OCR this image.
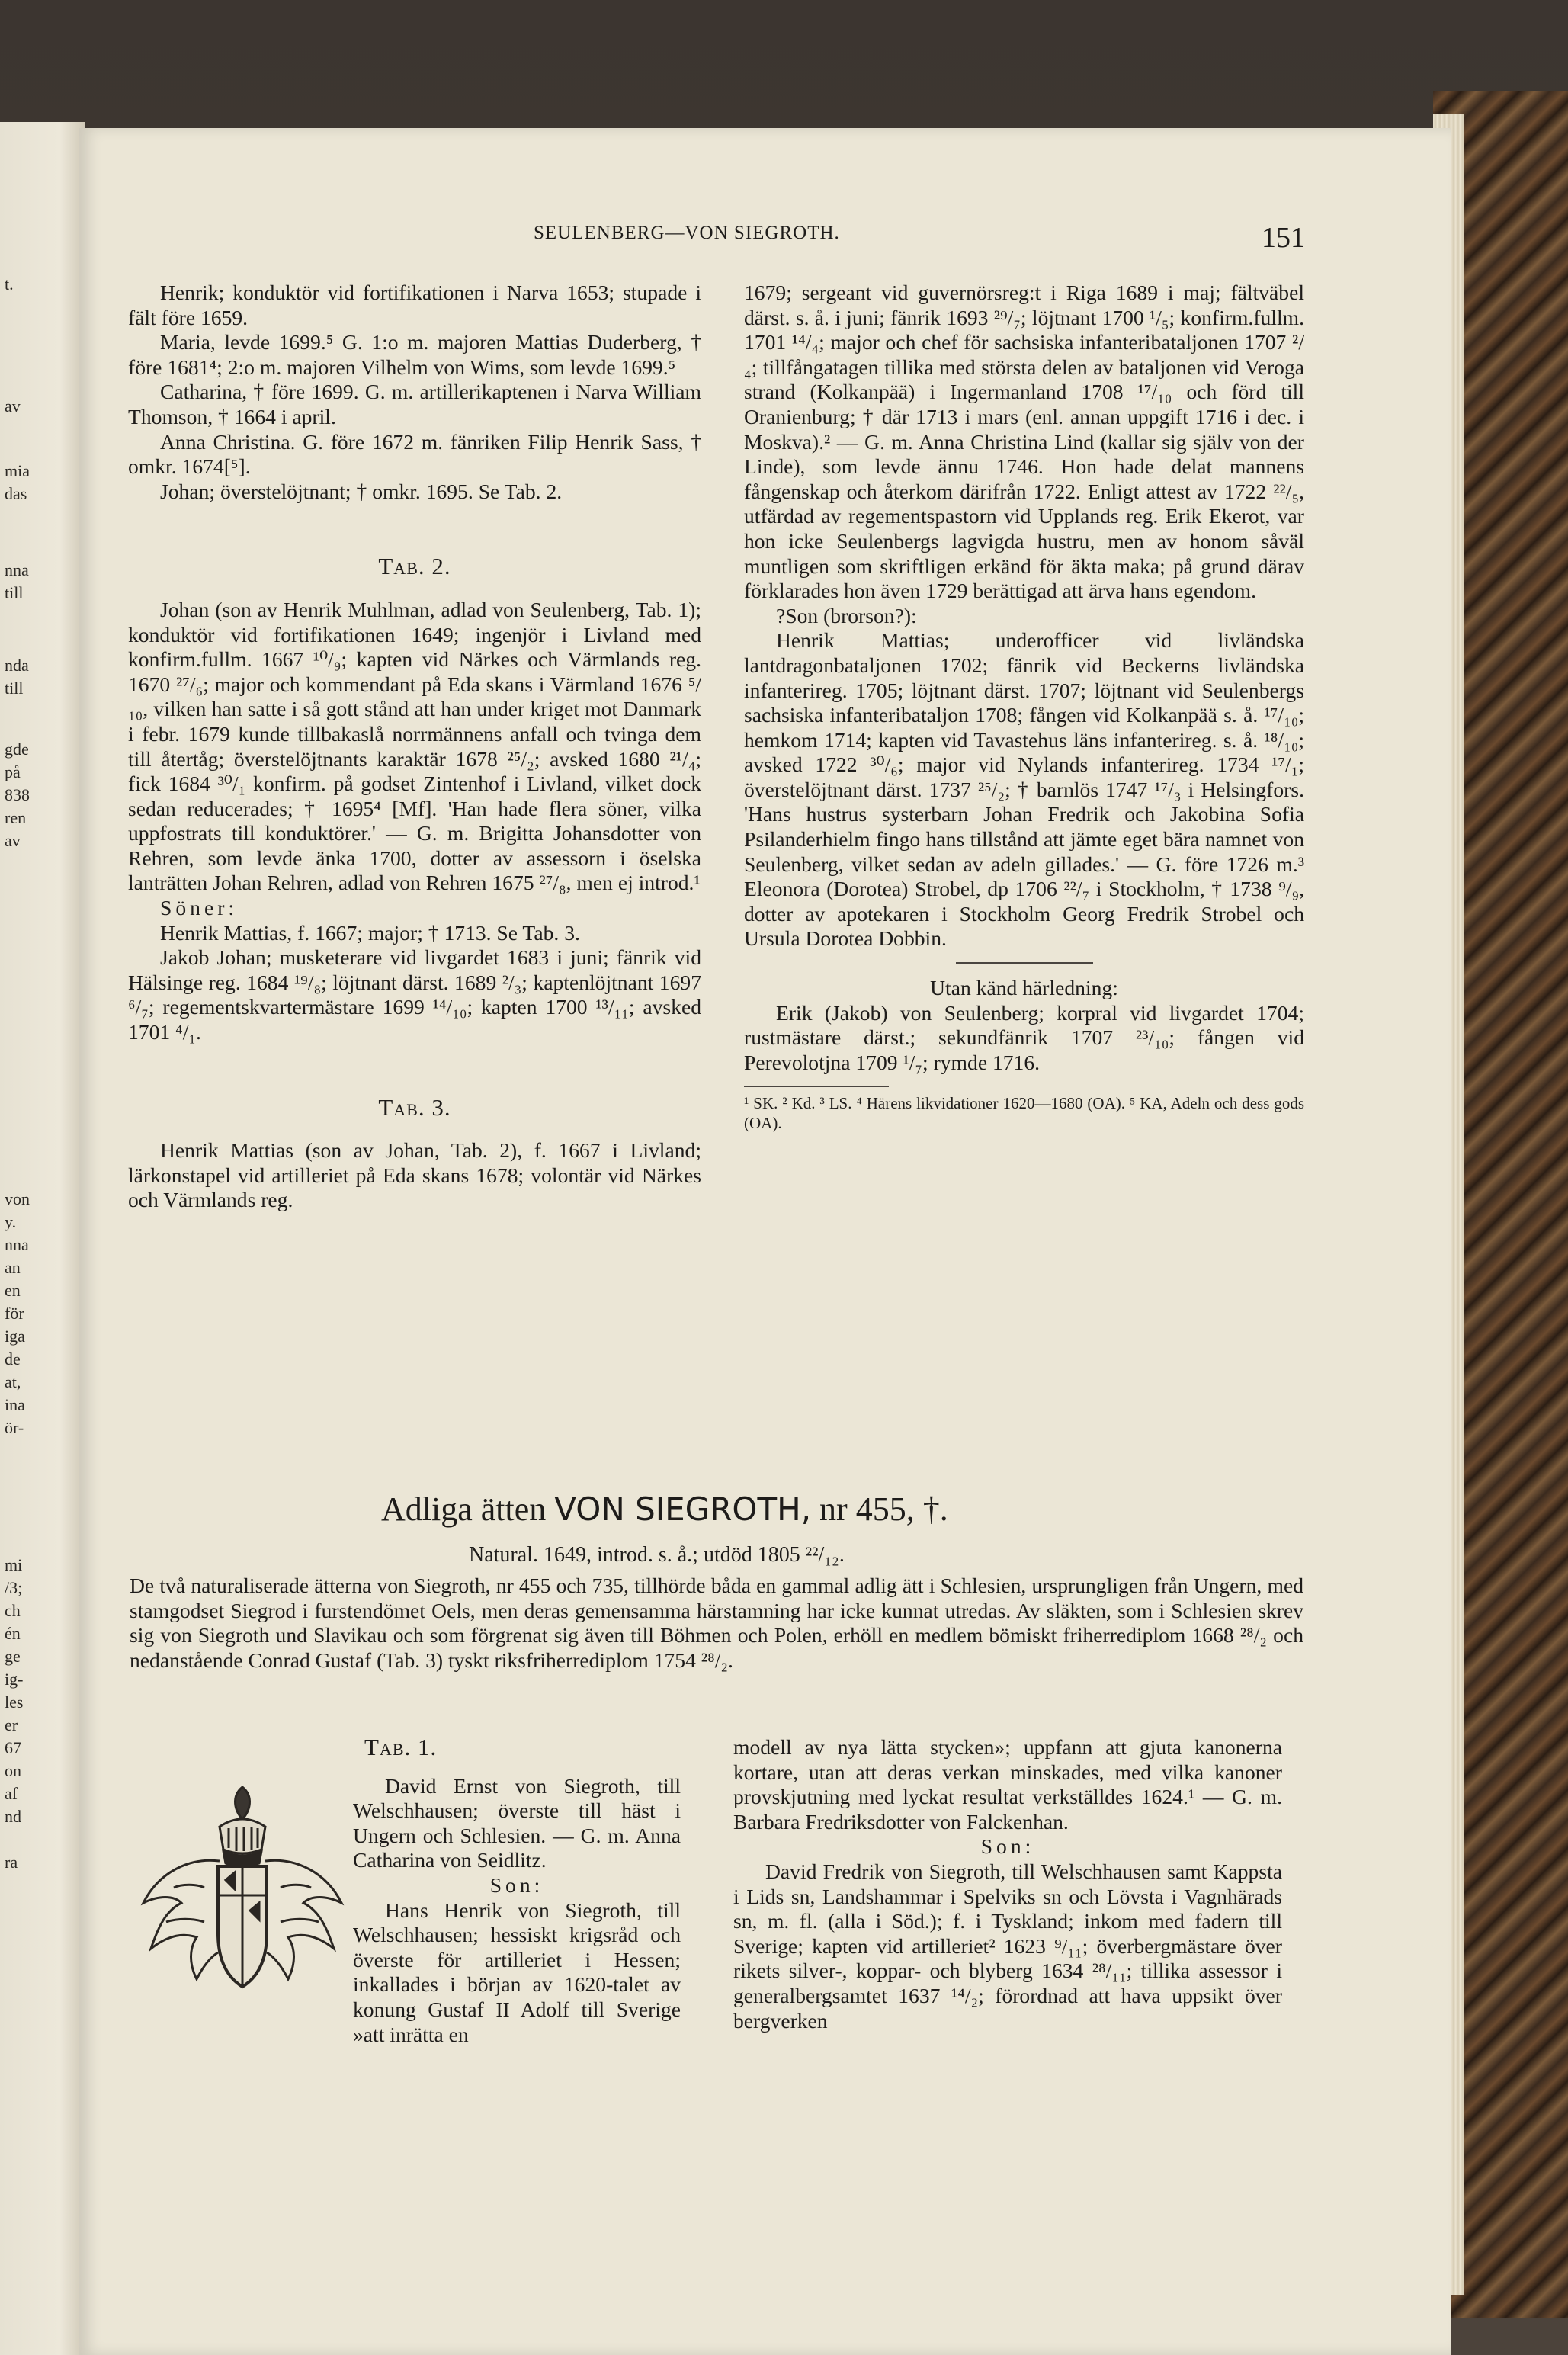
t.
av
mia
das
nna
till
nda
till
gde
på
838
ren
av
von
y.
nna
an
en
för
iga
de
at,
ina
ör-
mi
/3;
ch
én
ge
ig-
les
er
67
on
af
nd
ra
SEULENBERG—VON SIEGROTH.	151

Henrik; konduktör vid fortifikationen i Narva 1653; stupade i fält före 1659.

Maria, levde 1699.⁵ G. 1:o m. majoren Mattias Duderberg, † före 1681⁴; 2:o m. majoren Vilhelm von Wims, som levde 1699.⁵

Catharina, † före 1699. G. m. artillerikaptenen i Narva William Thomson, † 1664 i april.

Anna Christina. G. före 1672 m. fänriken Filip Henrik Sass, † omkr. 1674[⁵].

Johan; överstelöjtnant; † omkr. 1695. Se Tab. 2.

Tab. 2.

Johan (son av Henrik Muhlman, adlad von Seulenberg, Tab. 1); konduktör vid fortifikationen 1649; ingenjör i Livland med konfirm.fullm. 1667 ¹⁰/₉; kapten vid Närkes och Värmlands reg. 1670 ²⁷/₆; major och kommendant på Eda skans i Värmland 1676 ⁵/₁₀, vilken han satte i så gott stånd att han under kriget mot Danmark i febr. 1679 kunde tillbakaslå norrmännens anfall och tvinga dem till återtåg; överstelöjtnants karaktär 1678 ²⁵/₂; avsked 1680 ²¹/₄; fick 1684 ³⁰/₁ konfirm. på godset Zintenhof i Livland, vilket dock sedan reducerades; † 1695⁴ [Mf]. 'Han hade flera söner, vilka uppfostrats till konduktörer.' — G. m. Brigitta Johansdotter von Rehren, som levde änka 1700, dotter av assessorn i öselska lanträtten Johan Rehren, adlad von Rehren 1675 ²⁷/₈, men ej introd.¹

Söner:

Henrik Mattias, f. 1667; major; † 1713. Se Tab. 3.

Jakob Johan; musketerare vid livgardet 1683 i juni; fänrik vid Hälsinge reg. 1684 ¹⁹/₈; löjtnant därst. 1689 ²/₃; kaptenlöjtnant 1697 ⁶/₇; regementskvartermästare 1699 ¹⁴/₁₀; kapten 1700 ¹³/₁₁; avsked 1701 ⁴/₁.

Tab. 3.

Henrik Mattias (son av Johan, Tab. 2), f. 1667 i Livland; lärkonstapel vid artilleriet på Eda skans 1678; volontär vid Närkes och Värmlands reg.

1679; sergeant vid guvernörsreg:t i Riga 1689 i maj; fältväbel därst. s. å. i juni; fänrik 1693 ²⁹/₇; löjtnant 1700 ¹/₅; konfirm.fullm. 1701 ¹⁴/₄; major och chef för sachsiska infanteribataljonen 1707 ²/₄; tillfångatagen tillika med största delen av bataljonen vid Veroga strand (Kolkanpää) i Ingermanland 1708 ¹⁷/₁₀ och förd till Oranienburg; † där 1713 i mars (enl. annan uppgift 1716 i dec. i Moskva).² — G. m. Anna Christina Lind (kallar sig själv von der Linde), som levde ännu 1746. Hon hade delat mannens fångenskap och återkom därifrån 1722. Enligt attest av 1722 ²²/₅, utfärdad av regementspastorn vid Upplands reg. Erik Ekerot, var hon icke Seulenbergs lagvigda hustru, men av honom såväl muntligen som skriftligen erkänd för äkta maka; på grund därav förklarades hon även 1729 berättigad att ärva hans egendom.

?Son (brorson?):

Henrik Mattias; underofficer vid livländska lantdragonbataljonen 1702; fänrik vid Beckerns livländska infanterireg. 1705; löjtnant därst. 1707; löjtnant vid Seulenbergs sachsiska infanteribataljon 1708; fången vid Kolkanpää s. å. ¹⁷/₁₀; hemkom 1714; kapten vid Tavastehus läns infanterireg. s. å. ¹⁸/₁₀; avsked 1722 ³⁰/₆; major vid Nylands infanterireg. 1734 ¹⁷/₁; överstelöjtnant därst. 1737 ²⁵/₂; † barnlös 1747 ¹⁷/₃ i Helsingfors. 'Hans hustrus systerbarn Johan Fredrik och Jakobina Sofia Psilanderhielm fingo hans tillstånd att jämte eget bära namnet von Seulenberg, vilket sedan av adeln gillades.' — G. före 1726 m.³ Eleonora (Dorotea) Strobel, dp 1706 ²²/₇ i Stockholm, † 1738 ⁹/₉, dotter av apotekaren i Stockholm Georg Fredrik Strobel och Ursula Dorotea Dobbin.

Utan känd härledning:

Erik (Jakob) von Seulenberg; korpral vid livgardet 1704; rustmästare därst.; sekundfänrik 1707 ²³/₁₀; fången vid Perevolotjna 1709 ¹/₇; rymde 1716.

¹ SK. ² Kd. ³ LS. ⁴ Härens likvidationer 1620—1680 (OA). ⁵ KA, Adeln och dess gods (OA).

Adliga ätten VON SIEGROTH, nr 455, †.
Natural. 1649, introd. s. å.; utdöd 1805 ²²/₁₂.

De två naturaliserade ätterna von Siegroth, nr 455 och 735, tillhörde båda en gammal adlig ätt i Schlesien, ursprungligen från Ungern, med stamgodset Siegrod i furstendömet Oels, men deras gemensamma härstamning har icke kunnat utredas. Av släkten, som i Schlesien skrev sig von Siegroth und Slavikau och som förgrenat sig även till Böhmen och Polen, erhöll en medlem bömiskt friherrediplom 1668 ²⁸/₂ och nedanstående Conrad Gustaf (Tab. 3) tyskt riksfriherrediplom 1754 ²⁸/₂.

Tab. 1.

David Ernst von Siegroth, till Welschhausen; överste till häst i Ungern och Schlesien. — G. m. Anna Catharina von Seidlitz.

Son:

Hans Henrik von Siegroth, till Welschhausen; hessiskt krigsråd och överste för artilleriet i Hessen; inkallades i början av 1620-talet av konung Gustaf II Adolf till Sverige »att inrätta en

modell av nya lätta stycken»; uppfann att gjuta kanonerna kortare, utan att deras verkan minskades, med vilka kanoner provskjutning med lyckat resultat verkställdes 1624.¹ — G. m. Barbara Fredriksdotter von Falckenhan.

Son:

David Fredrik von Siegroth, till Welschhausen samt Kappsta i Lids sn, Landshammar i Spelviks sn och Lövsta i Vagnhärads sn, m. fl. (alla i Söd.); f. i Tyskland; inkom med fadern till Sverige; kapten vid artilleriet² 1623 ⁹/₁₁; överbergmästare över rikets silver-, koppar- och blyberg 1634 ²⁸/₁₁; tillika assessor i generalbergsamtet 1637 ¹⁴/₂; förordnad att hava uppsikt över bergverken
